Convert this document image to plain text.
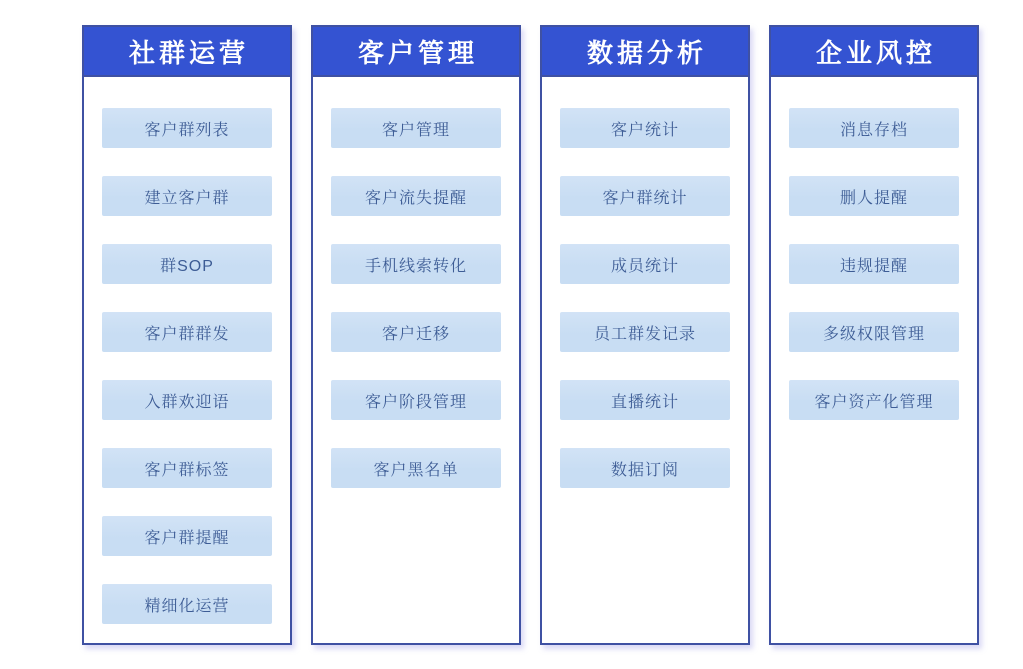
社群运营
客户群列表
建立客户群
群SOP
客户群群发
入群欢迎语
客户群标签
客户群提醒
精细化运营
客户管理
客户管理
客户流失提醒
手机线索转化
客户迁移
客户阶段管理
客户黑名单
数据分析
客户统计
客户群统计
成员统计
员工群发记录
直播统计
数据订阅
企业风控
消息存档
删人提醒
违规提醒
多级权限管理
客户资产化管理
